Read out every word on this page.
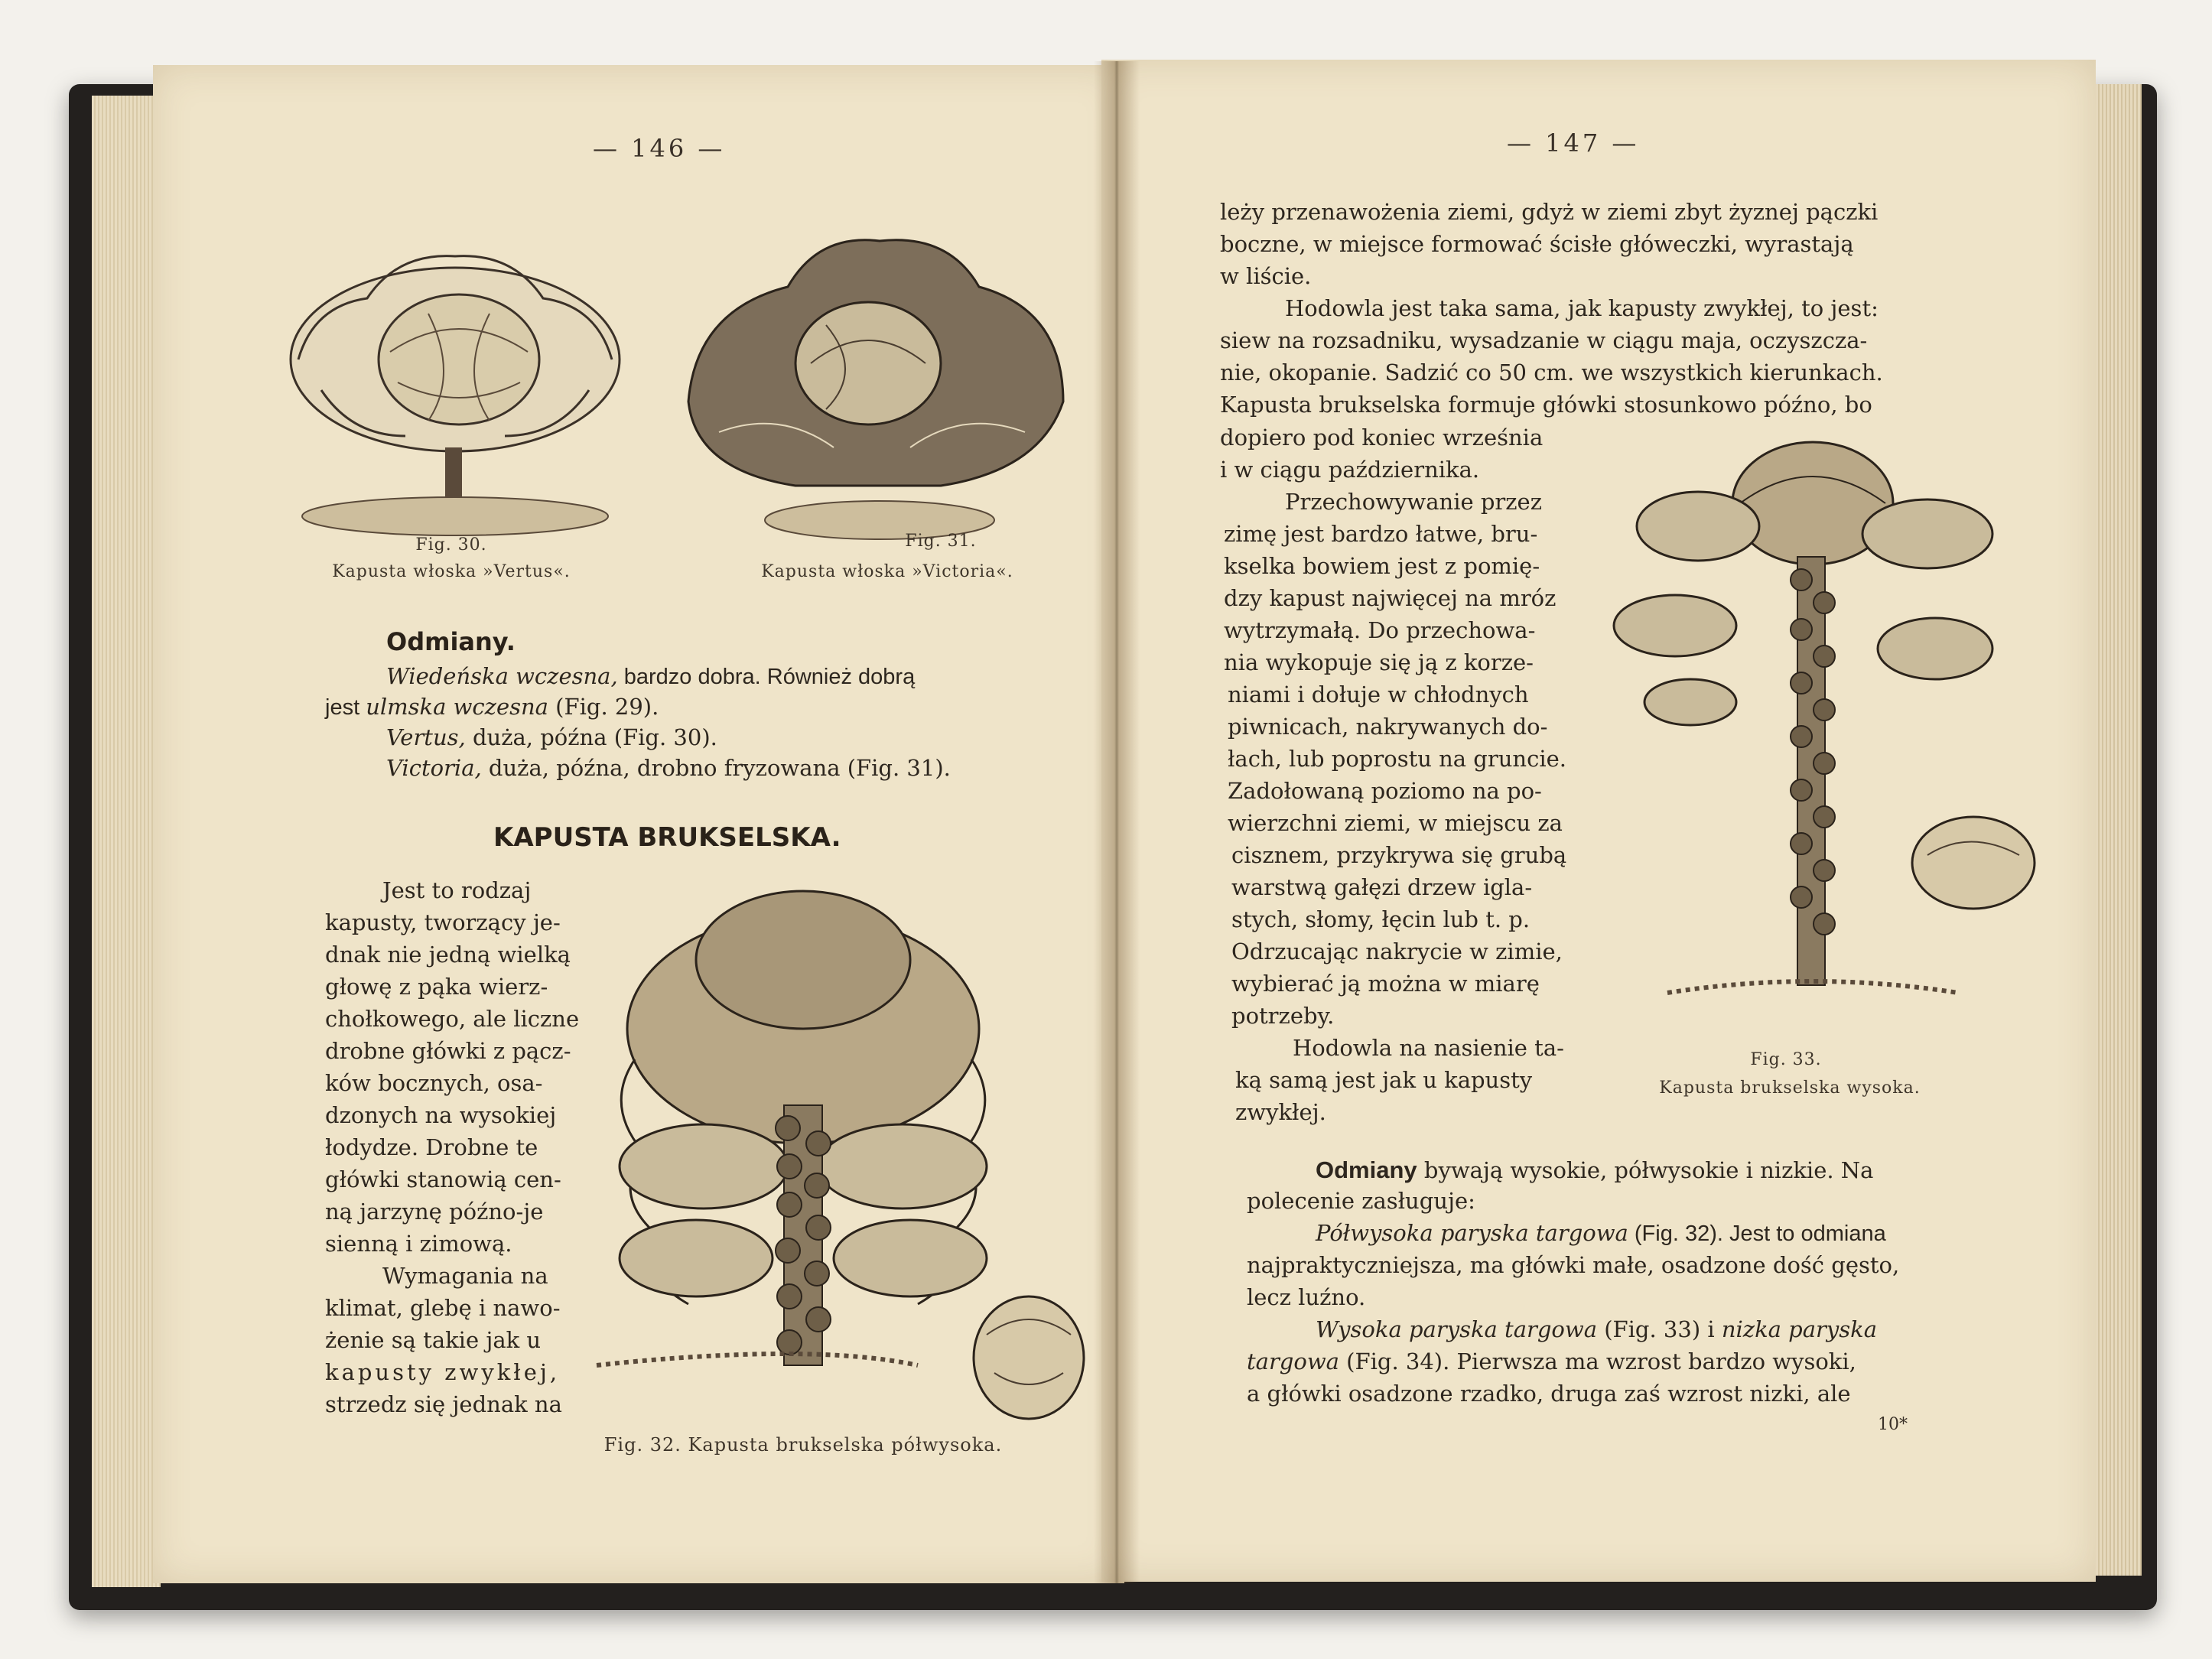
— 146 —
Fig. 30.
Kapusta włoska »Vertus«.
Fig. 31.
Kapusta włoska »Victoria«.
Odmiany.
Wiedeńska wczesna, bardzo dobra. Również dobrą
jest ulmska wczesna (Fig. 29).
Vertus, duża, późna (Fig. 30).
Victoria, duża, późna, drobno fryzowana (Fig. 31).
KAPUSTA BRUKSELSKA.
Jest to rodzaj
kapusty, tworzący je-
dnak nie jedną wielką
głowę z pąka wierz-
chołkowego, ale liczne
drobne główki z pącz-
ków bocznych, osa-
dzonych na wysokiej
łodydze. Drobne te
główki stanowią cen-
ną jarzynę późno-je
sienną i zimową.
Wymagania na
klimat, glebę i nawo-
żenie są takie jak u
kapusty zwykłej,
strzedz się jednak na
Fig. 32. Kapusta brukselska półwysoka.
— 147 —
leży przenawożenia ziemi, gdyż w ziemi zbyt żyznej pączki
boczne, w miejsce formować ścisłe główeczki, wyrastają
w liście.
Hodowla jest taka sama, jak kapusty zwykłej, to jest:
siew na rozsadniku, wysadzanie w ciągu maja, oczyszcza-
nie, okopanie. Sadzić co 50 cm. we wszystkich kierunkach.
Kapusta brukselska formuje główki stosunkowo późno, bo
dopiero pod koniec września
i w ciągu października.
Przechowywanie przez
zimę jest bardzo łatwe, bru-
kselka bowiem jest z pomię-
dzy kapust najwięcej na mróz
wytrzymałą. Do przechowa-
nia wykopuje się ją z korze-
niami i dołuje w chłodnych
piwnicach, nakrywanych do-
łach, lub poprostu na gruncie.
Zadołowaną poziomo na po-
wierzchni ziemi, w miejscu za
cisznem, przykrywa się grubą
warstwą gałęzi drzew igla-
stych, słomy, łęcin lub t. p.
Odrzucając nakrycie w zimie,
wybierać ją można w miarę
potrzeby.
Hodowla na nasienie ta-
ką samą jest jak u kapusty
zwykłej.
Fig. 33.
Kapusta brukselska wysoka.
Odmiany bywają wysokie, półwysokie i nizkie. Na
polecenie zasługuje:
Półwysoka paryska targowa (Fig. 32). Jest to odmiana
najpraktyczniejsza, ma główki małe, osadzone dość gęsto,
lecz luźno.
Wysoka paryska targowa (Fig. 33) i nizka paryska
targowa (Fig. 34). Pierwsza ma wzrost bardzo wysoki,
a główki osadzone rzadko, druga zaś wzrost nizki, ale
10*
